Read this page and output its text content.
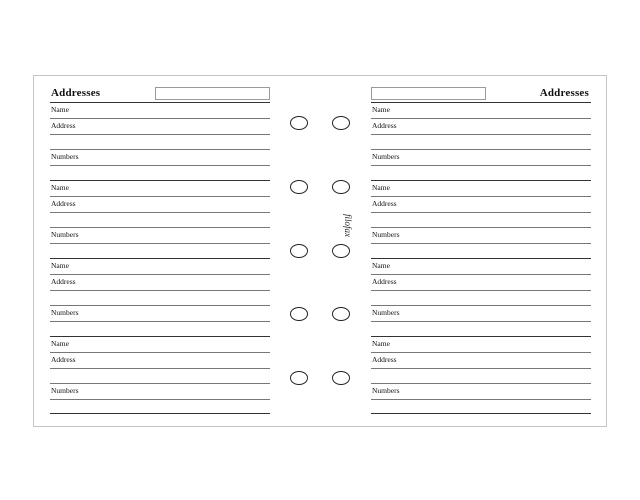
Addresses
Name
Address
Numbers
Name
Address
Numbers
Name
Address
Numbers
Name
Address
Numbers
filofax
Addresses
Name
Address
Numbers
Name
Address
Numbers
Name
Address
Numbers
Name
Address
Numbers
